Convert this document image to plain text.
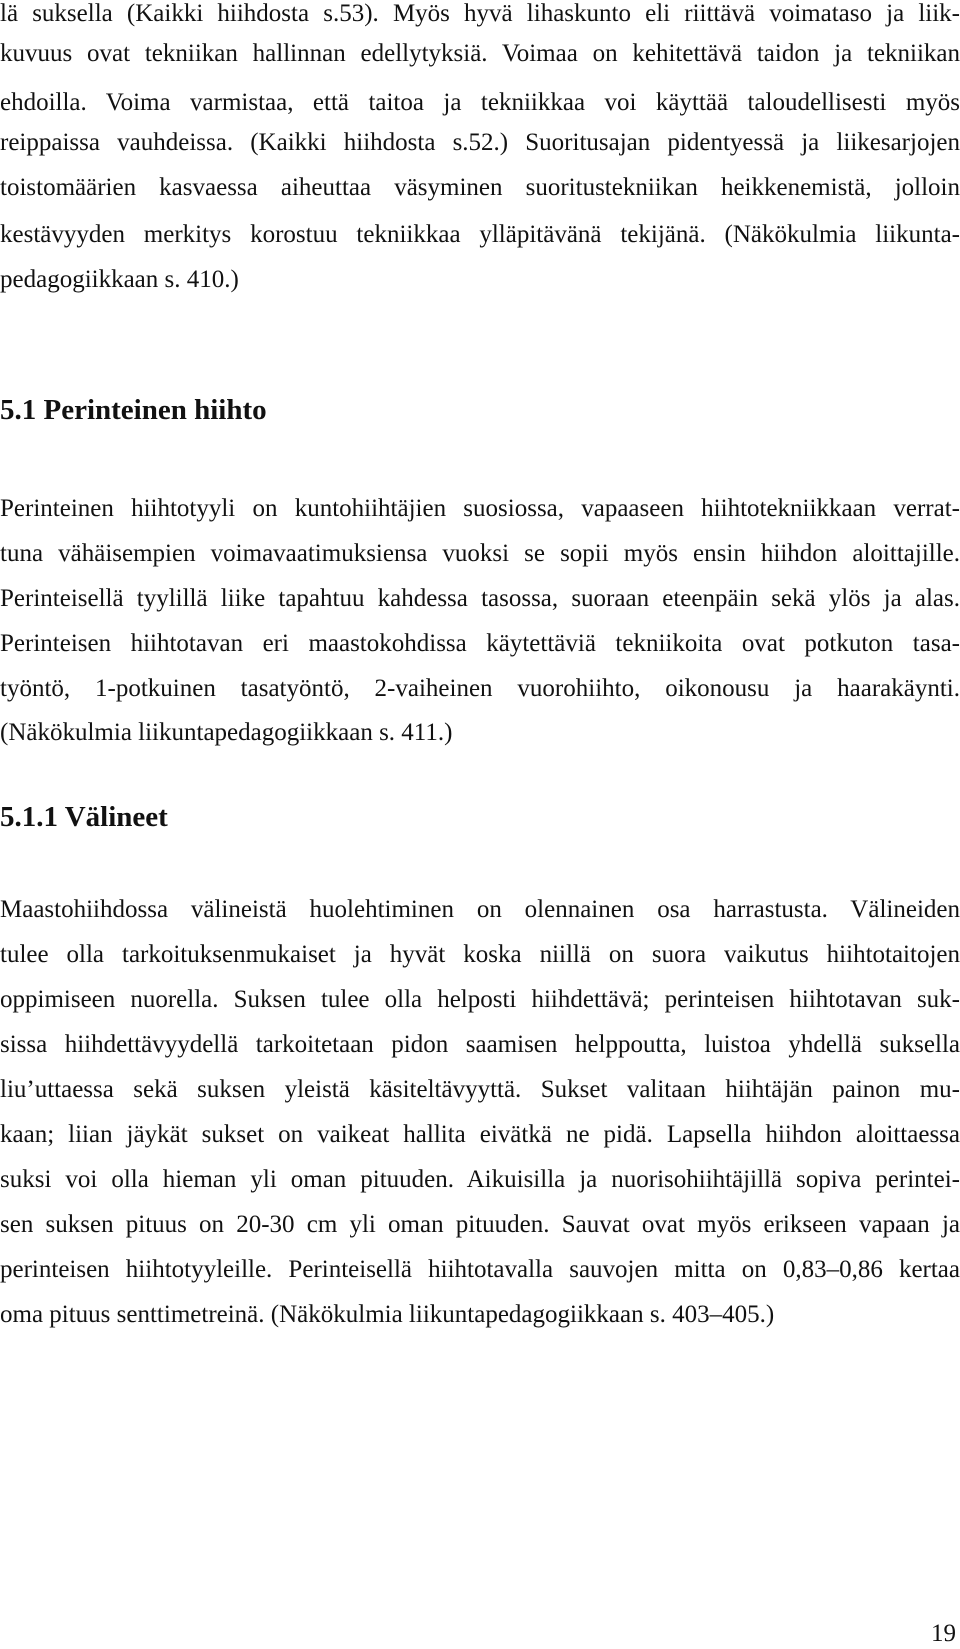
lä suksella (Kaikki hiihdosta s.53). Myös hyvä lihaskunto eli riittävä voimataso ja liik-
kuvuus ovat tekniikan hallinnan edellytyksiä. Voimaa on kehitettävä taidon ja tekniikan
ehdoilla. Voima varmistaa, että taitoa ja tekniikkaa voi käyttää taloudellisesti myös
reippaissa vauhdeissa. (Kaikki hiihdosta s.52.) Suoritusajan pidentyessä ja liikesarjojen
toistomäärien kasvaessa aiheuttaa väsyminen suoritustekniikan heikkenemistä, jolloin
kestävyyden merkitys korostuu tekniikkaa ylläpitävänä tekijänä. (Näkökulmia liikunta-
pedagogiikkaan s. 410.)
5.1 Perinteinen hiihto
Perinteinen hiihtotyyli on kuntohiihtäjien suosiossa, vapaaseen hiihtotekniikkaan verrat-
tuna vähäisempien voimavaatimuksiensa vuoksi se sopii myös ensin hiihdon aloittajille.
Perinteisellä tyylillä liike tapahtuu kahdessa tasossa, suoraan eteenpäin sekä ylös ja alas.
Perinteisen hiihtotavan eri maastokohdissa käytettäviä tekniikoita ovat potkuton tasa-
työntö, 1-potkuinen tasatyöntö, 2-vaiheinen vuorohiihto, oikonousu ja haarakäynti.
(Näkökulmia liikuntapedagogiikkaan s. 411.)
5.1.1 Välineet
Maastohiihdossa välineistä huolehtiminen on olennainen osa harrastusta. Välineiden
tulee olla tarkoituksenmukaiset ja hyvät koska niillä on suora vaikutus hiihtotaitojen
oppimiseen nuorella. Suksen tulee olla helposti hiihdettävä; perinteisen hiihtotavan suk-
sissa hiihdettävyydellä tarkoitetaan pidon saamisen helppoutta, luistoa yhdellä suksella
liu’uttaessa sekä suksen yleistä käsiteltävyyttä. Sukset valitaan hiihtäjän painon mu-
kaan; liian jäykät sukset on vaikeat hallita eivätkä ne pidä. Lapsella hiihdon aloittaessa
suksi voi olla hieman yli oman pituuden. Aikuisilla ja nuorisohiihtäjillä sopiva perintei-
sen suksen pituus on 20-30 cm yli oman pituuden. Sauvat ovat myös erikseen vapaan ja
perinteisen hiihtotyyleille. Perinteisellä hiihtotavalla sauvojen mitta on 0,83–0,86 kertaa
oma pituus senttimetreinä. (Näkökulmia liikuntapedagogiikkaan s. 403–405.)
19
